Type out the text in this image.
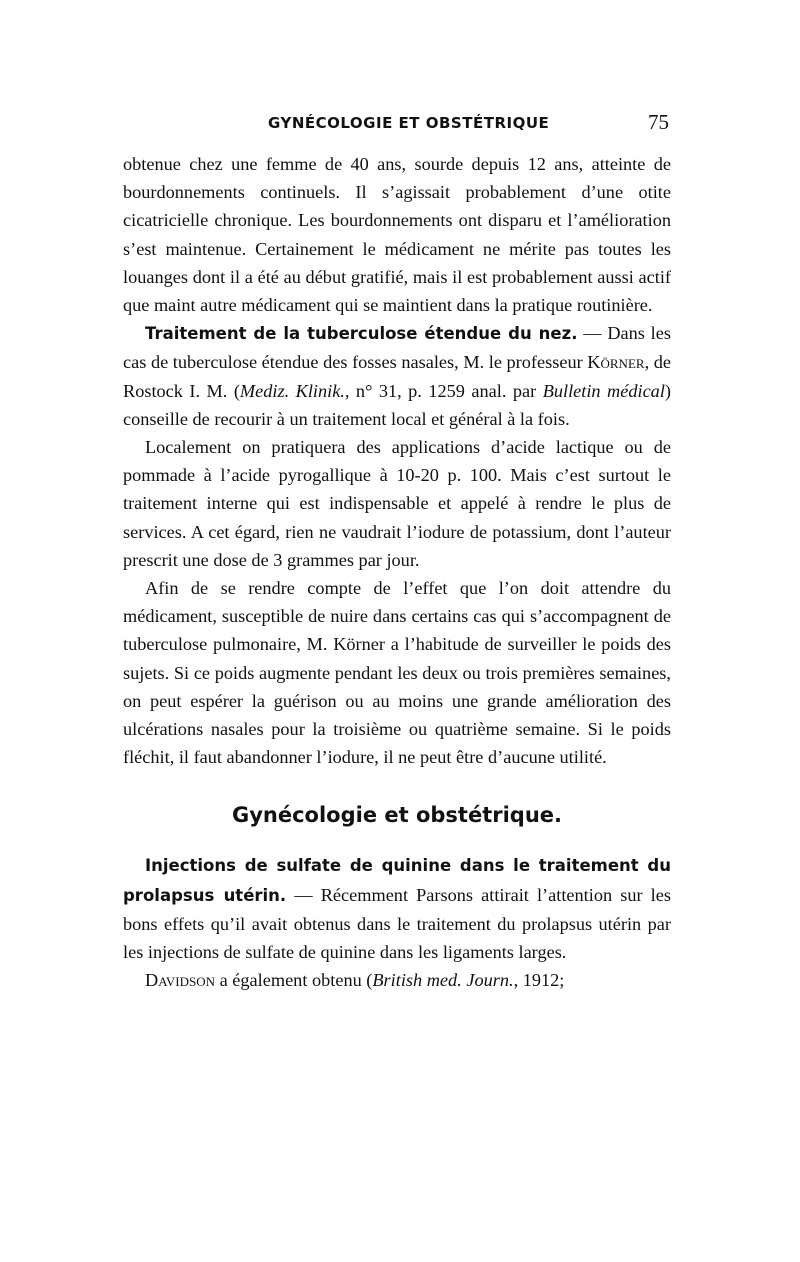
GYNÉCOLOGIE ET OBSTÉTRIQUE	75

obtenue chez une femme de 40 ans, sourde depuis 12 ans, atteinte de bourdonnements continuels. Il s’agissait probablement d’une otite cicatricielle chronique. Les bourdonnements ont disparu et l’amélioration s’est maintenue. Certainement le médicament ne mérite pas toutes les louanges dont il a été au début gratifié, mais il est probablement aussi actif que maint autre médicament qui se maintient dans la pratique routinière.

Traitement de la tuberculose étendue du nez. — Dans les cas de tuberculose étendue des fosses nasales, M. le professeur Körner, de Rostock I. M. (Mediz. Klinik., n° 31, p. 1259 anal. par Bulletin médical) conseille de recourir à un traitement local et général à la fois.

Localement on pratiquera des applications d’acide lactique ou de pommade à l’acide pyrogallique à 10-20 p. 100. Mais c’est surtout le traitement interne qui est indispensable et appelé à rendre le plus de services. A cet égard, rien ne vaudrait l’iodure de potassium, dont l’auteur prescrit une dose de 3 grammes par jour.

Afin de se rendre compte de l’effet que l’on doit attendre du médicament, susceptible de nuire dans certains cas qui s’accompagnent de tuberculose pulmonaire, M. Körner a l’habitude de surveiller le poids des sujets. Si ce poids augmente pendant les deux ou trois premières semaines, on peut espérer la guérison ou au moins une grande amélioration des ulcérations nasales pour la troisième ou quatrième semaine. Si le poids fléchit, il faut abandonner l’iodure, il ne peut être d’aucune utilité.

Gynécologie et obstétrique.

Injections de sulfate de quinine dans le traitement du prolapsus utérin. — Récemment Parsons attirait l’attention sur les bons effets qu’il avait obtenus dans le traitement du prolapsus utérin par les injections de sulfate de quinine dans les ligaments larges.

Davidson a également obtenu (British med. Journ., 1912;
